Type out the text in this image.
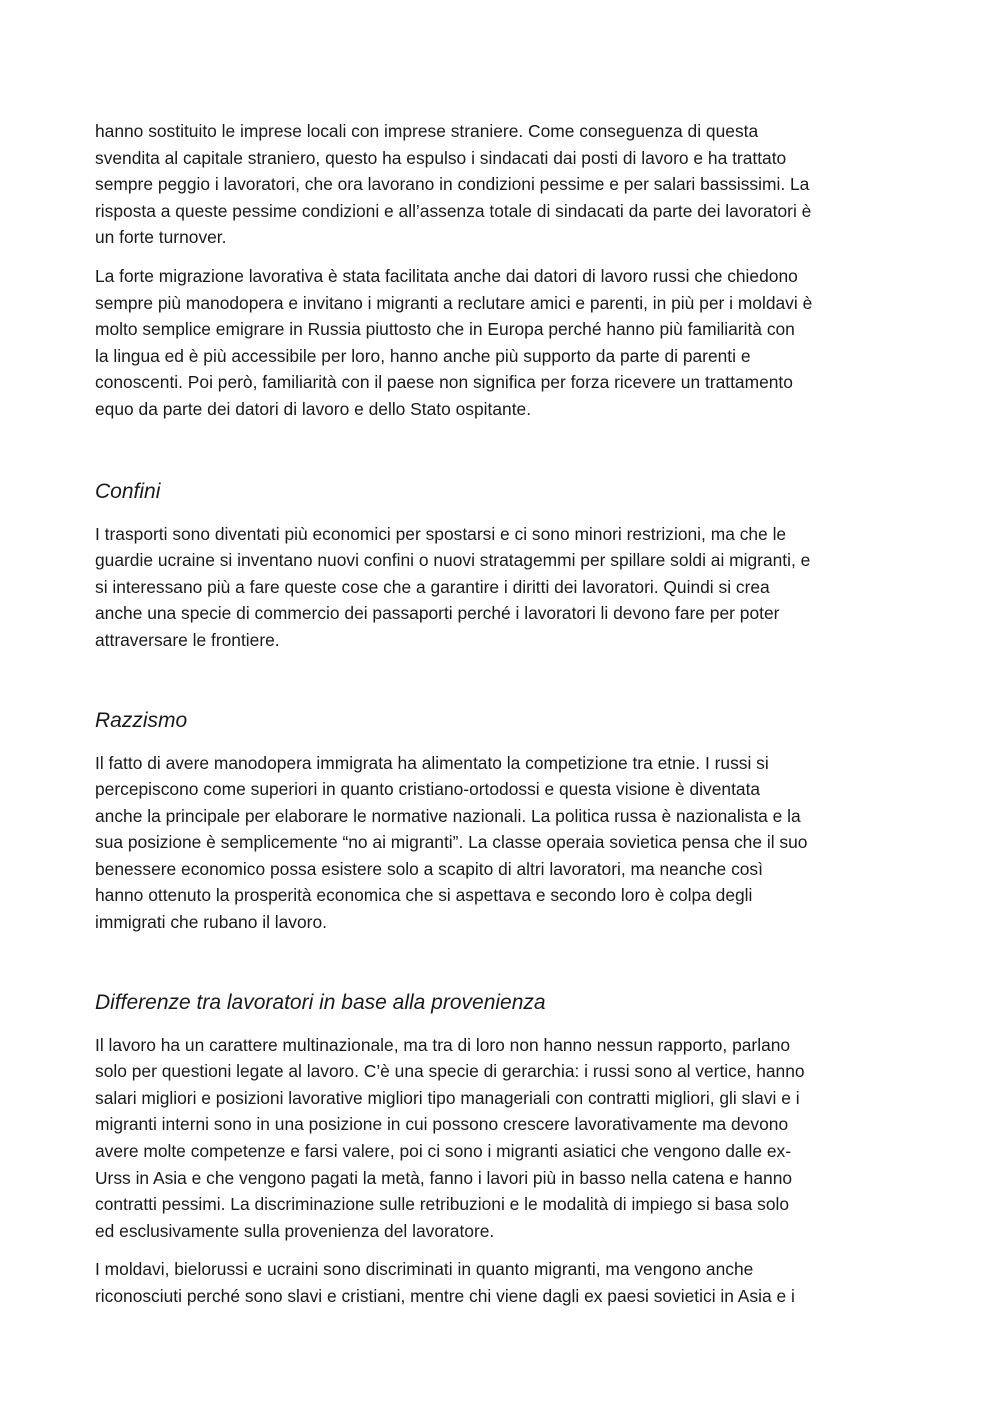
hanno sostituito le imprese locali con imprese straniere. Come conseguenza di questa
svendita al capitale straniero, questo ha espulso i sindacati dai posti di lavoro e ha trattato
sempre peggio i lavoratori, che ora lavorano in condizioni pessime e per salari bassissimi. La
risposta a queste pessime condizioni e all’assenza totale di sindacati da parte dei lavoratori è
un forte turnover.

La forte migrazione lavorativa è stata facilitata anche dai datori di lavoro russi che chiedono
sempre più manodopera e invitano i migranti a reclutare amici e parenti, in più per i moldavi è
molto semplice emigrare in Russia piuttosto che in Europa perché hanno più familiarità con
la lingua ed è più accessibile per loro, hanno anche più supporto da parte di parenti e
conoscenti. Poi però, familiarità con il paese non significa per forza ricevere un trattamento
equo da parte dei datori di lavoro e dello Stato ospitante.

Confini

I trasporti sono diventati più economici per spostarsi e ci sono minori restrizioni, ma che le
guardie ucraine si inventano nuovi confini o nuovi stratagemmi per spillare soldi ai migranti, e
si interessano più a fare queste cose che a garantire i diritti dei lavoratori. Quindi si crea
anche una specie di commercio dei passaporti perché i lavoratori li devono fare per poter
attraversare le frontiere.

Razzismo

Il fatto di avere manodopera immigrata ha alimentato la competizione tra etnie. I russi si
percepiscono come superiori in quanto cristiano-ortodossi e questa visione è diventata
anche la principale per elaborare le normative nazionali. La politica russa è nazionalista e la
sua posizione è semplicemente “no ai migranti”. La classe operaia sovietica pensa che il suo
benessere economico possa esistere solo a scapito di altri lavoratori, ma neanche così
hanno ottenuto la prosperità economica che si aspettava e secondo loro è colpa degli
immigrati che rubano il lavoro.

Differenze tra lavoratori in base alla provenienza

Il lavoro ha un carattere multinazionale, ma tra di loro non hanno nessun rapporto, parlano
solo per questioni legate al lavoro. C’è una specie di gerarchia: i russi sono al vertice, hanno
salari migliori e posizioni lavorative migliori tipo manageriali con contratti migliori, gli slavi e i
migranti interni sono in una posizione in cui possono crescere lavorativamente ma devono
avere molte competenze e farsi valere, poi ci sono i migranti asiatici che vengono dalle ex-
Urss in Asia e che vengono pagati la metà, fanno i lavori più in basso nella catena e hanno
contratti pessimi. La discriminazione sulle retribuzioni e le modalità di impiego si basa solo
ed esclusivamente sulla provenienza del lavoratore.

I moldavi, bielorussi e ucraini sono discriminati in quanto migranti, ma vengono anche
riconosciuti perché sono slavi e cristiani, mentre chi viene dagli ex paesi sovietici in Asia e i
